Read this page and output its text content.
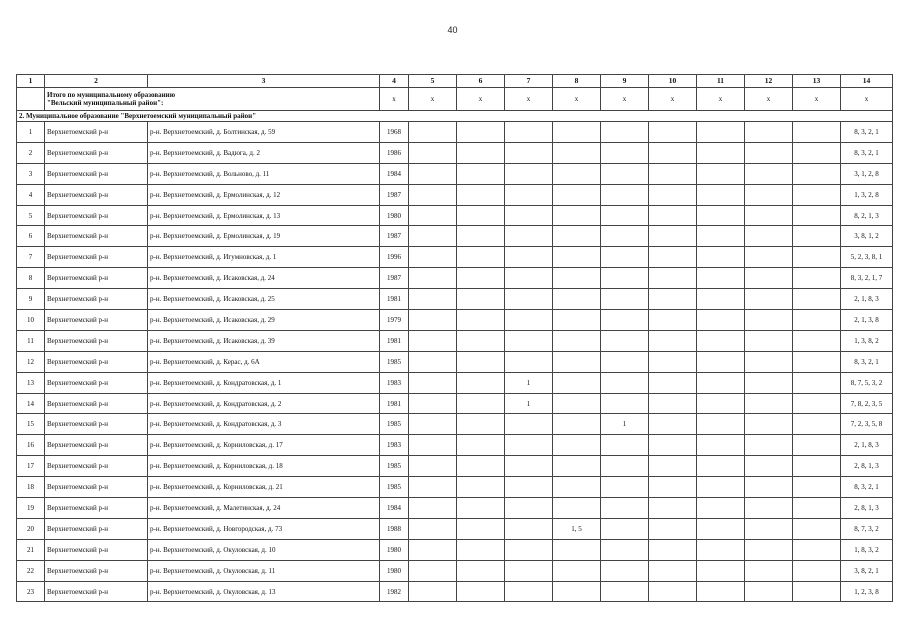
40
1	2	3	4	5	6	7	8	9	10	11	12	13	14
	Итого по муниципальному образованию
"Вельский муниципальный район":		х	х	х	х	х	х	х	х	х	х	х
2. Муниципальное образование "Верхнетоемский муниципальный район"													
1	Верхнетоемский р-н	р-н. Верхнетоемский, д. Болтинская, д. 59	1968										8, 3, 2, 1
2	Верхнетоемский р-н	р-н. Верхнетоемский, д. Вадюга, д. 2	1986										8, 3, 2, 1
3	Верхнетоемский р-н	р-н. Верхнетоемский, д. Вольново, д. 11	1984										3, 1, 2, 8
4	Верхнетоемский р-н	р-н. Верхнетоемский, д. Ермолинская, д. 12	1987										1, 3, 2, 8
5	Верхнетоемский р-н	р-н. Верхнетоемский, д. Ермолинская, д. 13	1980										8, 2, 1, 3
6	Верхнетоемский р-н	р-н. Верхнетоемский, д. Ермолинская, д. 19	1987										3, 8, 1, 2
7	Верхнетоемский р-н	р-н. Верхнетоемский, д. Игумновская, д. 1	1996										5, 2, 3, 8, 1
8	Верхнетоемский р-н	р-н. Верхнетоемский, д. Исаковская, д. 24	1987										8, 3, 2, 1, 7
9	Верхнетоемский р-н	р-н. Верхнетоемский, д. Исаковская, д. 25	1981										2, 1, 8, 3
10	Верхнетоемский р-н	р-н. Верхнетоемский, д. Исаковская, д. 29	1979										2, 1, 3, 8
11	Верхнетоемский р-н	р-н. Верхнетоемский, д. Исаковская, д. 39	1981										1, 3, 8, 2
12	Верхнетоемский р-н	р-н. Верхнетоемский, д. Керас, д. 6А	1985										8, 3, 2, 1
13	Верхнетоемский р-н	р-н. Верхнетоемский, д. Кондратовская, д. 1	1983			1							8, 7, 5, 3, 2
14	Верхнетоемский р-н	р-н. Верхнетоемский, д. Кондратовская, д. 2	1981			1							7, 8, 2, 3, 5
15	Верхнетоемский р-н	р-н. Верхнетоемский, д. Кондратовская, д. 3	1985					1					7, 2, 3, 5, 8
16	Верхнетоемский р-н	р-н. Верхнетоемский, д. Корниловская, д. 17	1983										2, 1, 8, 3
17	Верхнетоемский р-н	р-н. Верхнетоемский, д. Корниловская, д. 18	1985										2, 8, 1, 3
18	Верхнетоемский р-н	р-н. Верхнетоемский, д. Корниловская, д. 21	1985										8, 3, 2, 1
19	Верхнетоемский р-н	р-н. Верхнетоемский, д. Малетинская, д. 24	1984										2, 8, 1, 3
20	Верхнетоемский р-н	р-н. Верхнетоемский, д. Новгородская, д. 73	1988				1, 5						8, 7, 3, 2
21	Верхнетоемский р-н	р-н. Верхнетоемский, д. Окуловская, д. 10	1980										1, 8, 3, 2
22	Верхнетоемский р-н	р-н. Верхнетоемский, д. Окуловская, д. 11	1980										3, 8, 2, 1
23	Верхнетоемский р-н	р-н. Верхнетоемский, д. Окуловская, д. 13	1982										1, 2, 3, 8
